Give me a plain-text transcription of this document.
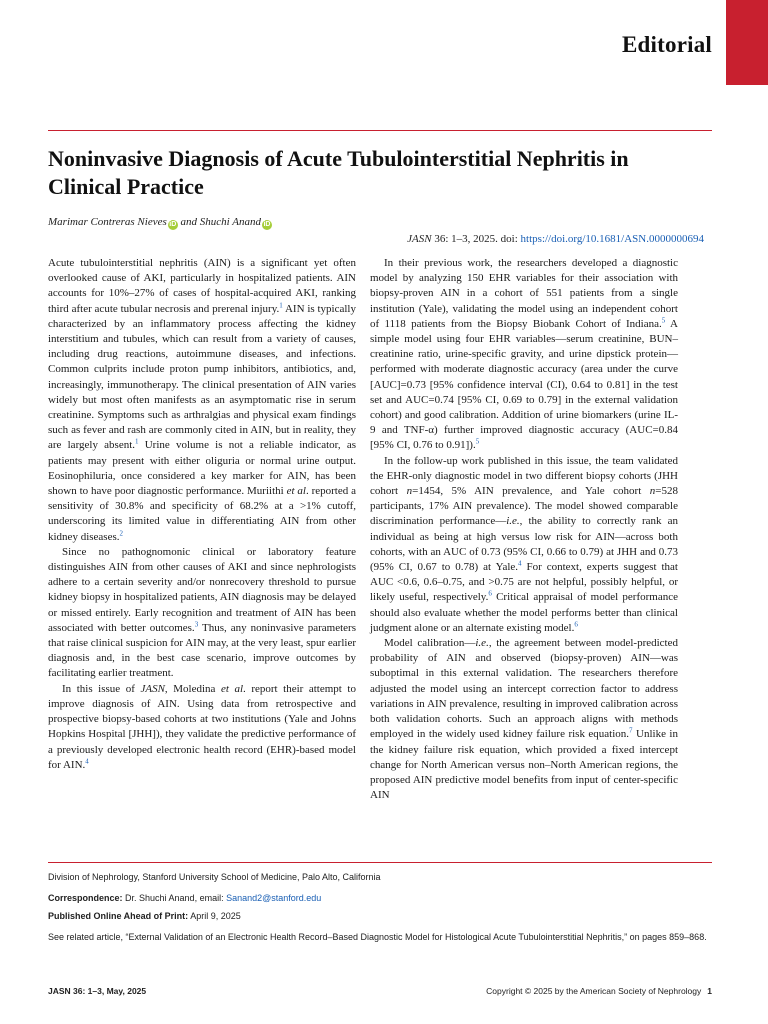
Editorial
Noninvasive Diagnosis of Acute Tubulointerstitial Nephritis in Clinical Practice
Marimar Contreras Nieves iD and Shuchi Anand iD
JASN 36: 1–3, 2025. doi: https://doi.org/10.1681/ASN.0000000694

Acute tubulointerstitial nephritis (AIN) is a significant yet often overlooked cause of AKI, particularly in hospitalized patients. AIN accounts for 10%–27% of cases of hospital-acquired AKI, ranking third after acute tubular necrosis and prerenal injury.$^1$ AIN is typically characterized by an inflammatory process affecting the kidney interstitium and tubules, which can result from a variety of causes, including drug reactions, autoimmune diseases, and infections. Common culprits include proton pump inhibitors, antibiotics, and, increasingly, immunotherapy. The clinical presentation of AIN varies widely but most often manifests as an asymptomatic rise in serum creatinine. Symptoms such as arthralgias and physical exam findings such as fever and rash are commonly cited in AIN, but in reality, they are largely absent.$^1$ Urine volume is not a reliable indicator, as patients may present with either oliguria or normal urine output. Eosinophiluria, once considered a key marker for AIN, has been shown to have poor diagnostic performance. Muriithi et al. reported a sensitivity of 30.8% and specificity of 68.2% at a >1% cutoff, underscoring its limited value in differentiating AIN from other kidney diseases.$^2$

Since no pathognomonic clinical or laboratory feature distinguishes AIN from other causes of AKI and since nephrologists adhere to a certain severity and/or nonrecovery threshold to pursue kidney biopsy in hospitalized patients, AIN diagnosis may be delayed or missed entirely. Early recognition and treatment of AIN has been associated with better outcomes.$^3$ Thus, any noninvasive parameters that raise clinical suspicion for AIN may, at the very least, spur earlier diagnosis and, in the best case scenario, improve outcomes by facilitating earlier treatment.

In this issue of JASN, Moledina et al. report their attempt to improve diagnosis of AIN. Using data from retrospective and prospective biopsy-based cohorts at two institutions (Yale and Johns Hopkins Hospital [JHH]), they validate the predictive performance of a previously developed electronic health record (EHR)-based model for AIN.$^4$

In their previous work, the researchers developed a diagnostic model by analyzing 150 EHR variables for their association with biopsy-proven AIN in a cohort of 551 patients from a single institution (Yale), validating the model using an independent cohort of 1118 patients from the Biopsy Biobank Cohort of Indiana.$^5$ A simple model using four EHR variables—serum creatinine, BUN–creatinine ratio, urine-specific gravity, and urine dipstick protein—performed with moderate diagnostic accuracy (area under the curve [AUC]=0.73 [95% confidence interval (CI), 0.64 to 0.81] in the test set and AUC=0.74 [95% CI, 0.69 to 0.79] in the external validation cohort) and good calibration. Addition of urine biomarkers (urine IL-9 and TNF-α) further improved diagnostic accuracy (AUC=0.84 [95% CI, 0.76 to 0.91]).$^5$

In the follow-up work published in this issue, the team validated the EHR-only diagnostic model in two different biopsy cohorts (JHH cohort n=1454, 5% AIN prevalence, and Yale cohort n=528 participants, 17% AIN prevalence). The model showed comparable discrimination performance—i.e., the ability to correctly rank an individual as being at high versus low risk for AIN—across both cohorts, with an AUC of 0.73 (95% CI, 0.66 to 0.79) at JHH and 0.73 (95% CI, 0.67 to 0.78) at Yale.$^4$ For context, experts suggest that AUC <0.6, 0.6–0.75, and >0.75 are not helpful, possibly helpful, or likely useful, respectively.$^6$ Critical appraisal of model performance should also evaluate whether the model performs better than clinical judgment alone or an alternate existing model.$^6$

Model calibration—i.e., the agreement between model-predicted probability of AIN and observed (biopsy-proven) AIN—was suboptimal in this external validation. The researchers therefore adjusted the model using an intercept correction factor to address variations in AIN prevalence, resulting in improved calibration across both validation cohorts. Such an approach aligns with methods employed in the widely used kidney failure risk equation.$^7$ Unlike in the kidney failure risk equation, which provided a fixed intercept change for North American versus non–North American regions, the proposed AIN predictive model benefits from input of center-specific AIN

Division of Nephrology, Stanford University School of Medicine, Palo Alto, California
Correspondence: Dr. Shuchi Anand, email: Sanand2@stanford.edu
Published Online Ahead of Print: April 9, 2025
See related article, “External Validation of an Electronic Health Record–Based Diagnostic Model for Histological Acute Tubulointerstitial Nephritis,” on pages 859–868.
JASN 36: 1–3, May, 2025	Copyright © 2025 by the American Society of Nephrology 1
